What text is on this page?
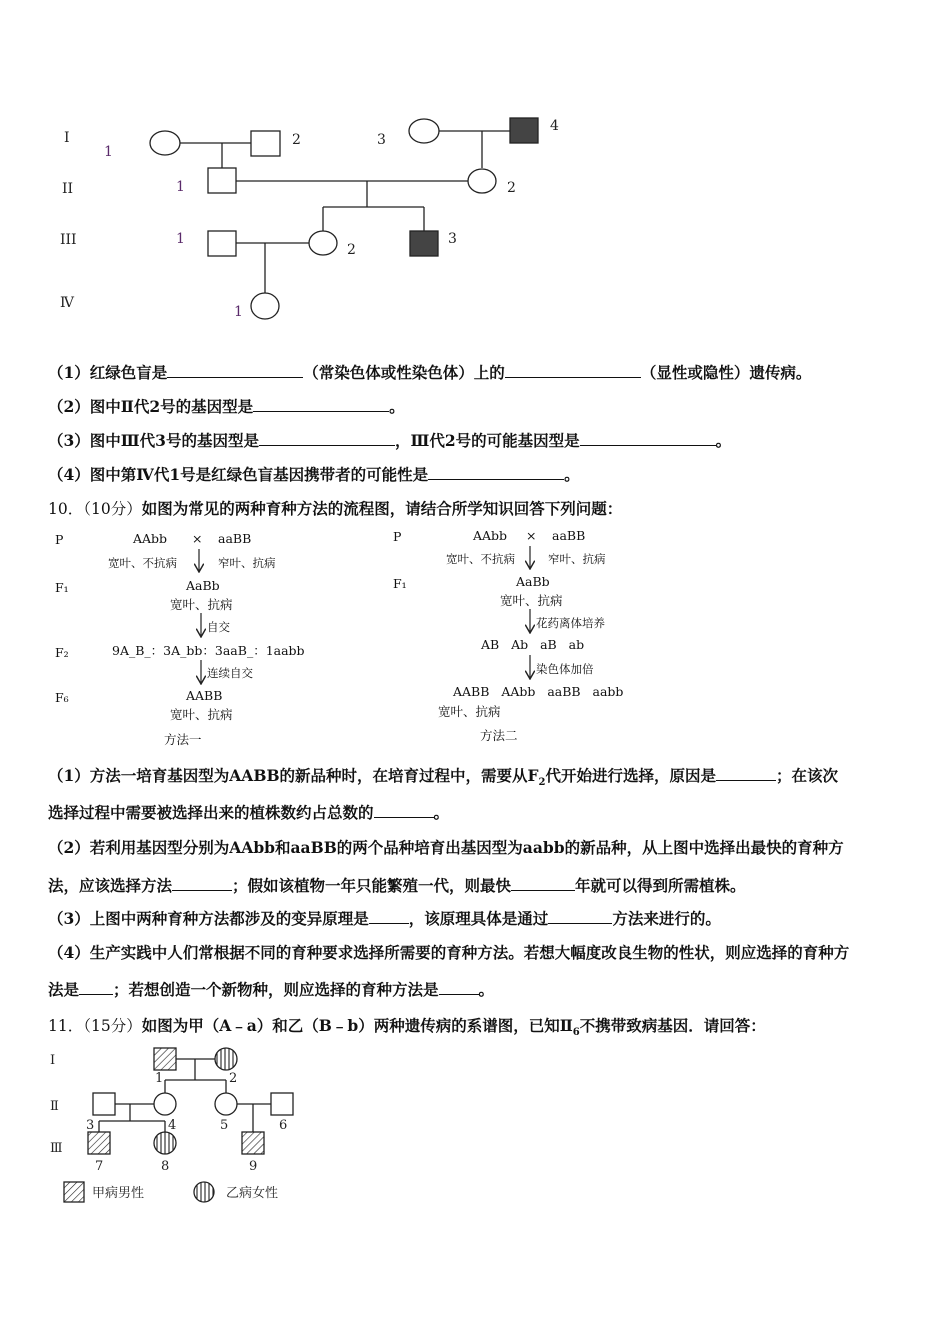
I
II
III
Ⅳ
1
2	3
4
1	2
1
2
3
1
（1）红绿色盲是	（常染色体或性染色体）上的	（显性或隐性）遗传病。
（2）图中Ⅱ代2号的基因型是	。
（3）图中Ⅲ代3号的基因型是	，Ⅲ代2号的可能基因型是	。
（4）图中第Ⅳ代1号是红绿色盲基因携带者的可能性是	。
10．（10分）如图为常见的两种育种方法的流程图，请结合所学知识回答下列问题：
P
F₁
F₂
F₆
AAbb × aaBB
宽叶、不抗病	窄叶、抗病
AaBb
宽叶、抗病
自交
9A_B_：3A_bb：3aaB_：1aabb
连续自交
AABB
宽叶、抗病
方法一
P
F₁
AAbb × aaBB
宽叶、不抗病	窄叶、抗病
AaBb
宽叶、抗病
花药离体培养
AB   Ab   aB   ab
染色体加倍
AABB   AAbb   aaBB   aabb
宽叶、抗病
方法二
（1）方法一培育基因型为AABB的新品种时，在培育过程中，需要从$F_2$代开始进行选择，原因是	；在该次
选择过程中需要被选择出来的植株数约占总数的	。
（2）若利用基因型分别为AAbb和aaBB的两个品种培育出基因型为aabb的新品种，从上图中选择出最快的育种方
法，应该选择方法	；假如该植物一年只能繁殖一代，则最快	年就可以得到所需植株。
（3）上图中两种育种方法都涉及的变异原理是	，该原理具体是通过	方法来进行的。
（4）生产实践中人们常根据不同的育种要求选择所需要的育种方法。若想大幅度改良生物的性状，则应选择的育种方
法是 ；若想创造一个新物种，则应选择的育种方法是	。
11．（15分）如图为甲（A﹣a）和乙（B﹣b）两种遗传病的系谱图，已知$Ⅱ_6$不携带致病基因．请回答：
I
Ⅱ
Ⅲ
1	2
3	4	5	6
7	8	9
甲病男性	乙病女性
